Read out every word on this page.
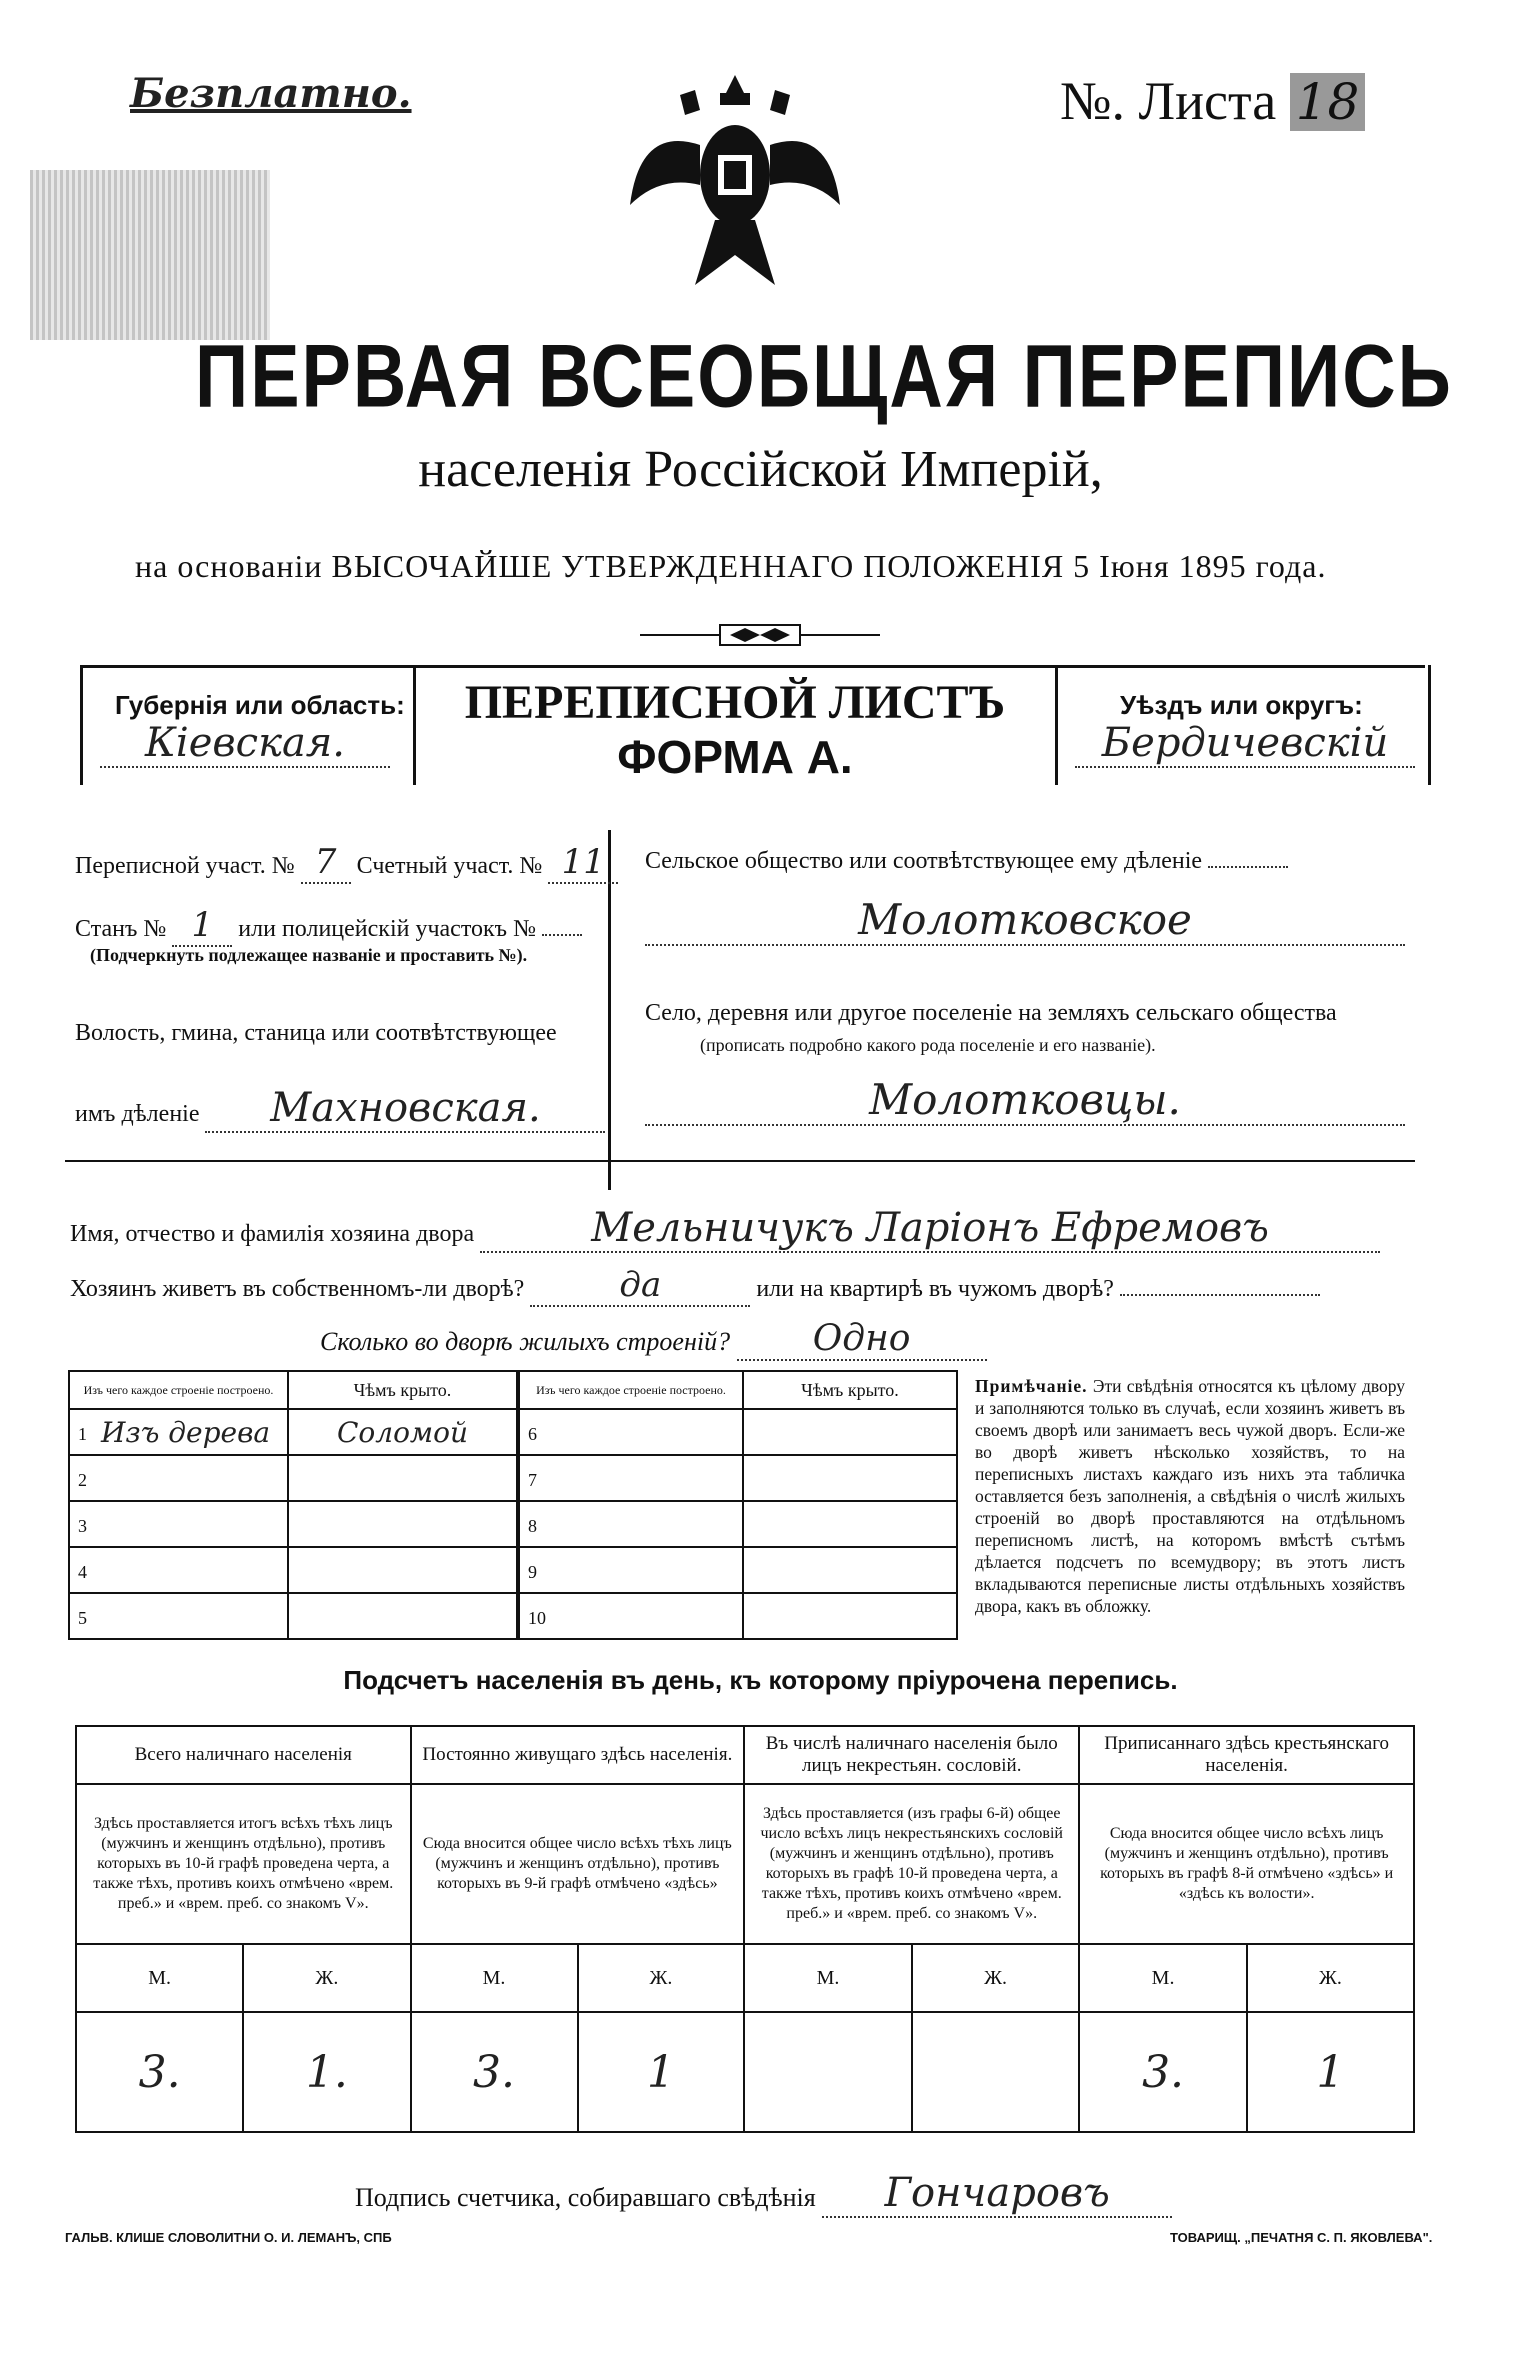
Безплатно.	№. Листа 18
ПЕРВАЯ ВСЕОБЩАЯ ПЕРЕПИСЬ
населенія Россійской Имперій,
на основаніи ВЫСОЧАЙШЕ УТВЕРЖДЕННАГО ПОЛОЖЕНІЯ 5 Іюня 1895 года.
Губернія или область:
Кіевская.
ПЕРЕПИСНОЙ ЛИСТЪ
ФОРМА А.
Уѣздъ или округъ:
Бердичевскій
Переписной участ. № 7 Счетный участ. № 11
Станъ № 1 или полицейскій участокъ №
(Подчеркнуть подлежащее названіе и проставить №).
Волость, гмина, станица или соотвѣтствующее
имъ дѣленіе Махновская.
Сельское общество или соотвѣтствующее ему дѣленіе
Молотковское
Село, деревня или другое поселеніе на земляхъ сельскаго общества
(прописать подробно какого рода поселеніе и его названіе).
Молотковцы.
Имя, отчество и фамилія хозяина двора	Мельничукъ Ларіонъ Ефремовъ
Хозяинъ живетъ въ собственномъ-ли дворѣ?	да	или на квартирѣ въ чужомъ дворѣ?
Сколько во дворѣ жилыхъ строеній? Одно
Изъ чего каждое строеніе построено.	Чѣмъ крыто.

1 Изъ дерева	Соломой

2	

3	

4	

5	

Изъ чего каждое строеніе построено.	Чѣмъ крыто.

6	

7	

8	

9	

10	

Примѣчаніе. Эти свѣдѣнія относятся къ цѣлому двору и заполняются только въ случаѣ, если хозяинъ живетъ въ своемъ дворѣ или занимаетъ весь чужой дворъ. Если-же во дворѣ живетъ нѣсколько хозяйствъ, то на переписныхъ листахъ каждаго изъ нихъ эта табличка оставляется безъ заполненія, а свѣдѣнія о числѣ жилыхъ строеній во дворѣ проставляются на отдѣльномъ переписномъ листѣ, на которомъ вмѣстѣ сътѣмъ дѣлается подсчетъ по всемудвору; въ этотъ листъ вкладываются переписные листы отдѣльныхъ хозяйствъ двора, какъ въ обложку.
Подсчетъ населенія въ день, къ которому пріурочена перепись.
Всего наличнаго населенія		Постоянно живущаго здѣсь населенія.		Въ числѣ наличнаго населенія было лицъ некрестьян. сословій.		Приписаннаго здѣсь крестьянскаго населенія.	
Здѣсь проставляется итогъ всѣхъ тѣхъ лицъ (мужчинъ и женщинъ отдѣльно), противъ которыхъ въ 10-й графѣ проведена черта, а также тѣхъ, противъ коихъ отмѣчено «врем. преб.» и «врем. преб. со знакомъ V».		Сюда вносится общее число всѣхъ тѣхъ лицъ (мужчинъ и женщинъ отдѣльно), противъ которыхъ въ 9-й графѣ отмѣчено «здѣсь»		Здѣсь проставляется (изъ графы 6-й) общее число всѣхъ лицъ некрестьянскихъ сословій (мужчинъ и женщинъ отдѣльно), противъ которыхъ въ графѣ 10-й проведена черта, а также тѣхъ, противъ коихъ отмѣчено «врем. преб.» и «врем. преб. со знакомъ V».		Сюда вносится общее число всѣхъ лицъ (мужчинъ и женщинъ отдѣльно), противъ которыхъ въ графѣ 8-й отмѣчено «здѣсь» и «здѣсь къ волости».	
М.	Ж.	М.	Ж.	М.	Ж.	М.	Ж.
3.	1.	3.	1			3.	1
Подпись счетчика, собиравшаго свѣдѣнія Гончаровъ
ГАЛЬВ. КЛИШЕ СЛОВОЛИТНИ О. И. ЛЕМАНЪ, СПБ	ТОВАРИЩ. „ПЕЧАТНЯ С. П. ЯКОВЛЕВА".
